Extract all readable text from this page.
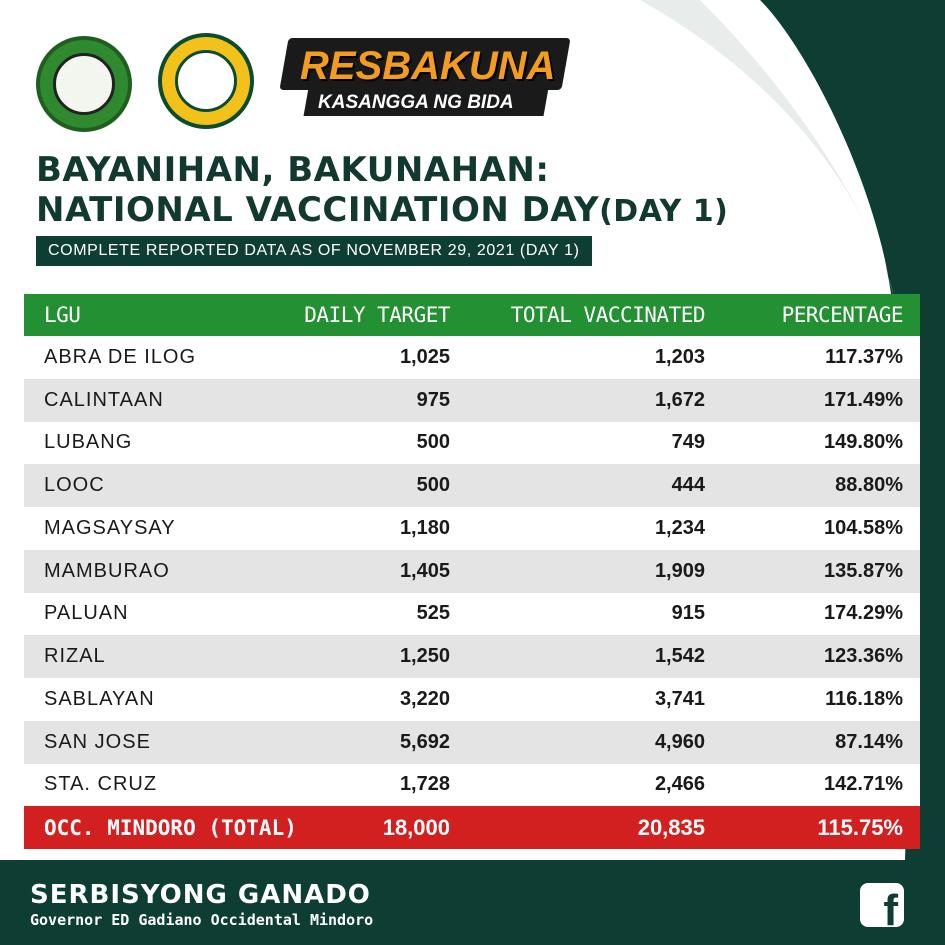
RESBAKUNA
KASANGGA NG BIDA
BAYANIHAN, BAKUNAHAN:
NATIONAL VACCINATION DAY(DAY 1)
COMPLETE REPORTED DATA AS OF NOVEMBER 29, 2021 (DAY 1)
LGU	DAILY TARGET	TOTAL VACCINATED	PERCENTAGE
ABRA DE ILOG	1,025	1,203	117.37%
CALINTAAN	975	1,672	171.49%
LUBANG	500	749	149.80%
LOOC	500	444	88.80%
MAGSAYSAY	1,180	1,234	104.58%
MAMBURAO	1,405	1,909	135.87%
PALUAN	525	915	174.29%
RIZAL	1,250	1,542	123.36%
SABLAYAN	3,220	3,741	116.18%
SAN JOSE	5,692	4,960	87.14%
STA. CRUZ	1,728	2,466	142.71%
OCC. MINDORO (TOTAL)	18,000	20,835	115.75%
SERBISYONG GANADO
Governor ED Gadiano Occidental Mindoro	f
